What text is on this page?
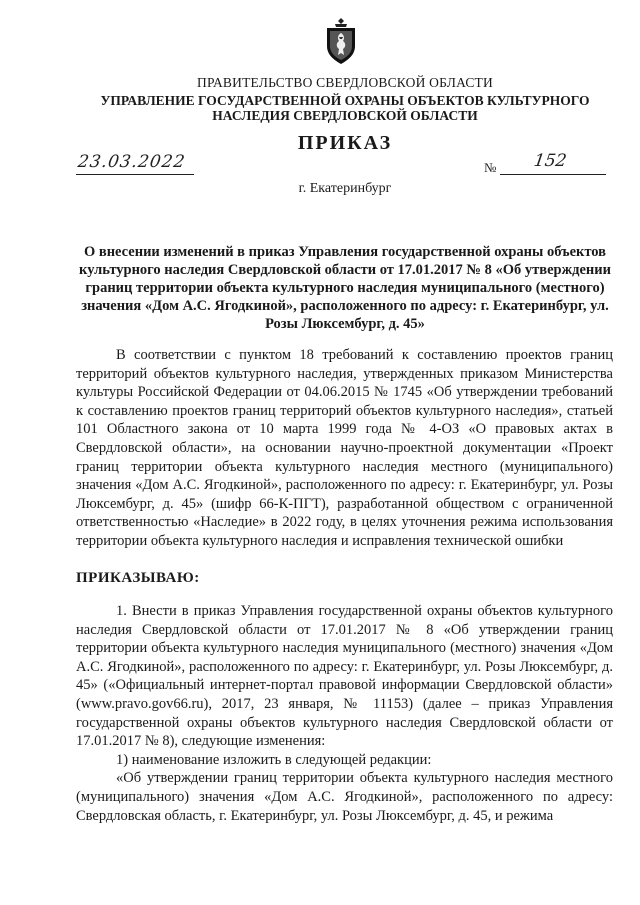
ПРАВИТЕЛЬСТВО СВЕРДЛОВСКОЙ ОБЛАСТИ
УПРАВЛЕНИЕ ГОСУДАРСТВЕННОЙ ОХРАНЫ ОБЪЕКТОВ КУЛЬТУРНОГО НАСЛЕДИЯ СВЕРДЛОВСКОЙ ОБЛАСТИ
ПРИКАЗ
23.03.2022	№ 152
г. Екатеринбург
О внесении изменений в приказ Управления государственной охраны объектов культурного наследия Свердловской области от 17.01.2017 № 8 «Об утверждении границ территории объекта культурного наследия муниципального (местного) значения «Дом А.С. Ягодкиной», расположенного по адресу: г. Екатеринбург, ул. Розы Люксембург, д. 45»

В соответствии с пунктом 18 требований к составлению проектов границ территорий объектов культурного наследия, утвержденных приказом Министерства культуры Российской Федерации от 04.06.2015 № 1745 «Об утверждении требований к составлению проектов границ территорий объектов культурного наследия», статьей 101 Областного закона от 10 марта 1999 года № 4-ОЗ «О правовых актах в Свердловской области», на основании научно-проектной документации «Проект границ территории объекта культурного наследия местного (муниципального) значения «Дом А.С. Ягодкиной», расположенного по адресу: г. Екатеринбург, ул. Розы Люксембург, д. 45» (шифр 66-К-ПГТ), разработанной обществом с ограниченной ответственностью «Наследие» в 2022 году, в целях уточнения режима использования территории объекта культурного наследия и исправления технической ошибки

ПРИКАЗЫВАЮ:

1. Внести в приказ Управления государственной охраны объектов культурного наследия Свердловской области от 17.01.2017 № 8 «Об утверждении границ территории объекта культурного наследия муниципального (местного) значения «Дом А.С. Ягодкиной», расположенного по адресу: г. Екатеринбург, ул. Розы Люксембург, д. 45» («Официальный интернет-портал правовой информации Свердловской области» (www.pravo.gov66.ru), 2017, 23 января, № 11153) (далее – приказ Управления государственной охраны объектов культурного наследия Свердловской области от 17.01.2017 № 8), следующие изменения:

1) наименование изложить в следующей редакции:

«Об утверждении границ территории объекта культурного наследия местного (муниципального) значения «Дом А.С. Ягодкиной», расположенного по адресу: Свердловская область, г. Екатеринбург, ул. Розы Люксембург, д. 45, и режима
